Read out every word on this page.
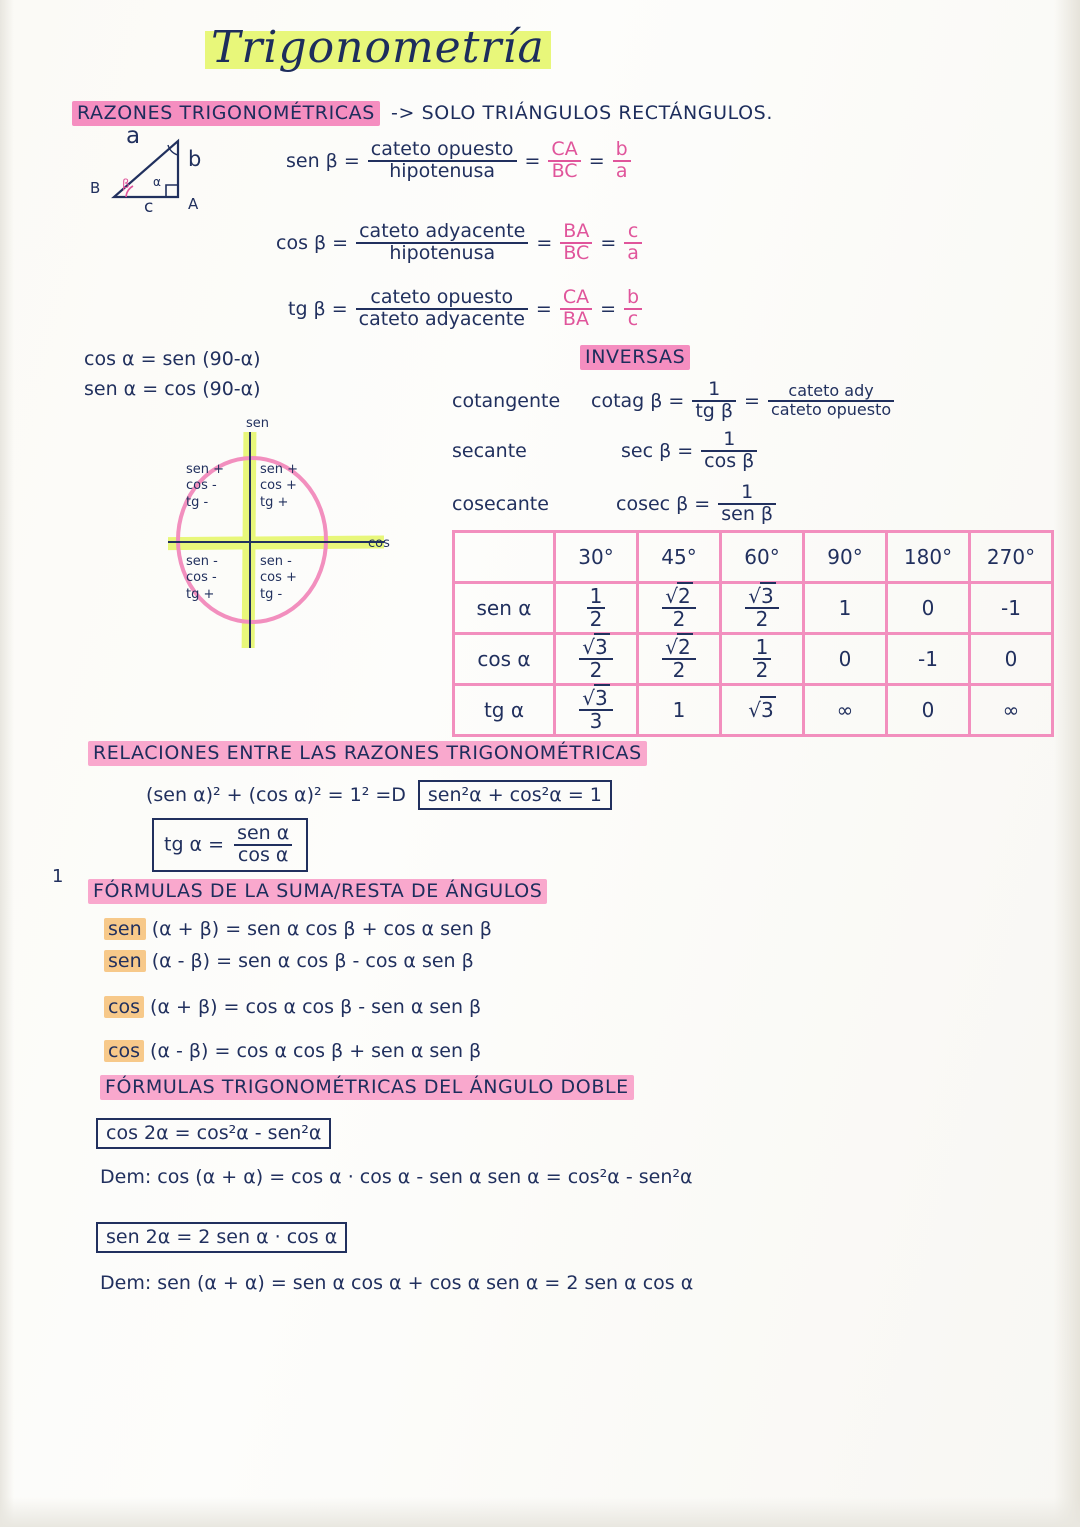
Trigonometría
RAZONES TRIGONOMÉTRICAS -> SOLO TRIÁNGULOS RECTÁNGULOS.
B
A
a
b
c
β α
sen $\beta = \frac{\text{cateto opuesto}}{\text{hipotenusa}} = \frac{CA}{BC} = \frac{b}{a}$
$\cos \beta = \frac{\text{cateto adyacente}}{\text{hipotenusa}} = \frac{BA}{BC} = \frac{c}{a}$
tg $\beta = \frac{\text{cateto opuesto}}{\text{cateto adyacente}} = \frac{CA}{BA} = \frac{b}{c}$
cos α = sen (90-α)
sen α = cos (90-α)
INVERSAS
cotangente	cotag $\beta = \frac{1}{\text{tg β}} = \frac{\text{cateto ady}}{\text{cateto opuesto}}$
secante	$\sec \beta = \frac{1}{\text{cos β}}$
cosecante	cosec $\beta = \frac{1}{\text{sen β}}$
sen
cos
sen +
cos -
tg -
sen +
cos +
tg +
sen -
cos -
tg +
sen -
cos +
tg -
	30°	45°	60°	90°	180°	270°
sen α	$\frac{1}{2}$	$\frac{√2}{2}$	$\frac{√3}{2}$	1	0	-1
cos α	$\frac{√3}{2}$	$\frac{√2}{2}$	$\frac{1}{2}$	0	-1	0
tg α	$\frac{√3}{3}$	1	√3	∞	0	∞
RELACIONES ENTRE LAS RAZONES TRIGONOMÉTRICAS
(sen α)² + (cos α)² = 1² =D	sen²α + cos²α = 1
tg $\alpha = \frac{\text{sen α}}{\text{cos α}}$
1
FÓRMULAS DE LA SUMA/RESTA DE ÁNGULOS
sen (α + β) = sen α cos β + cos α sen β
sen (α - β) = sen α cos β - cos α sen β
cos (α + β) = cos α cos β - sen α sen β
cos (α - β) = cos α cos β + sen α sen β
FÓRMULAS TRIGONOMÉTRICAS DEL ÁNGULO DOBLE
cos 2α = cos²α - sen²α
Dem: cos (α + α) = cos α · cos α - sen α sen α = cos²α - sen²α
sen 2α = 2 sen α · cos α
Dem: sen (α + α) = sen α cos α + cos α sen α = 2 sen α cos α
